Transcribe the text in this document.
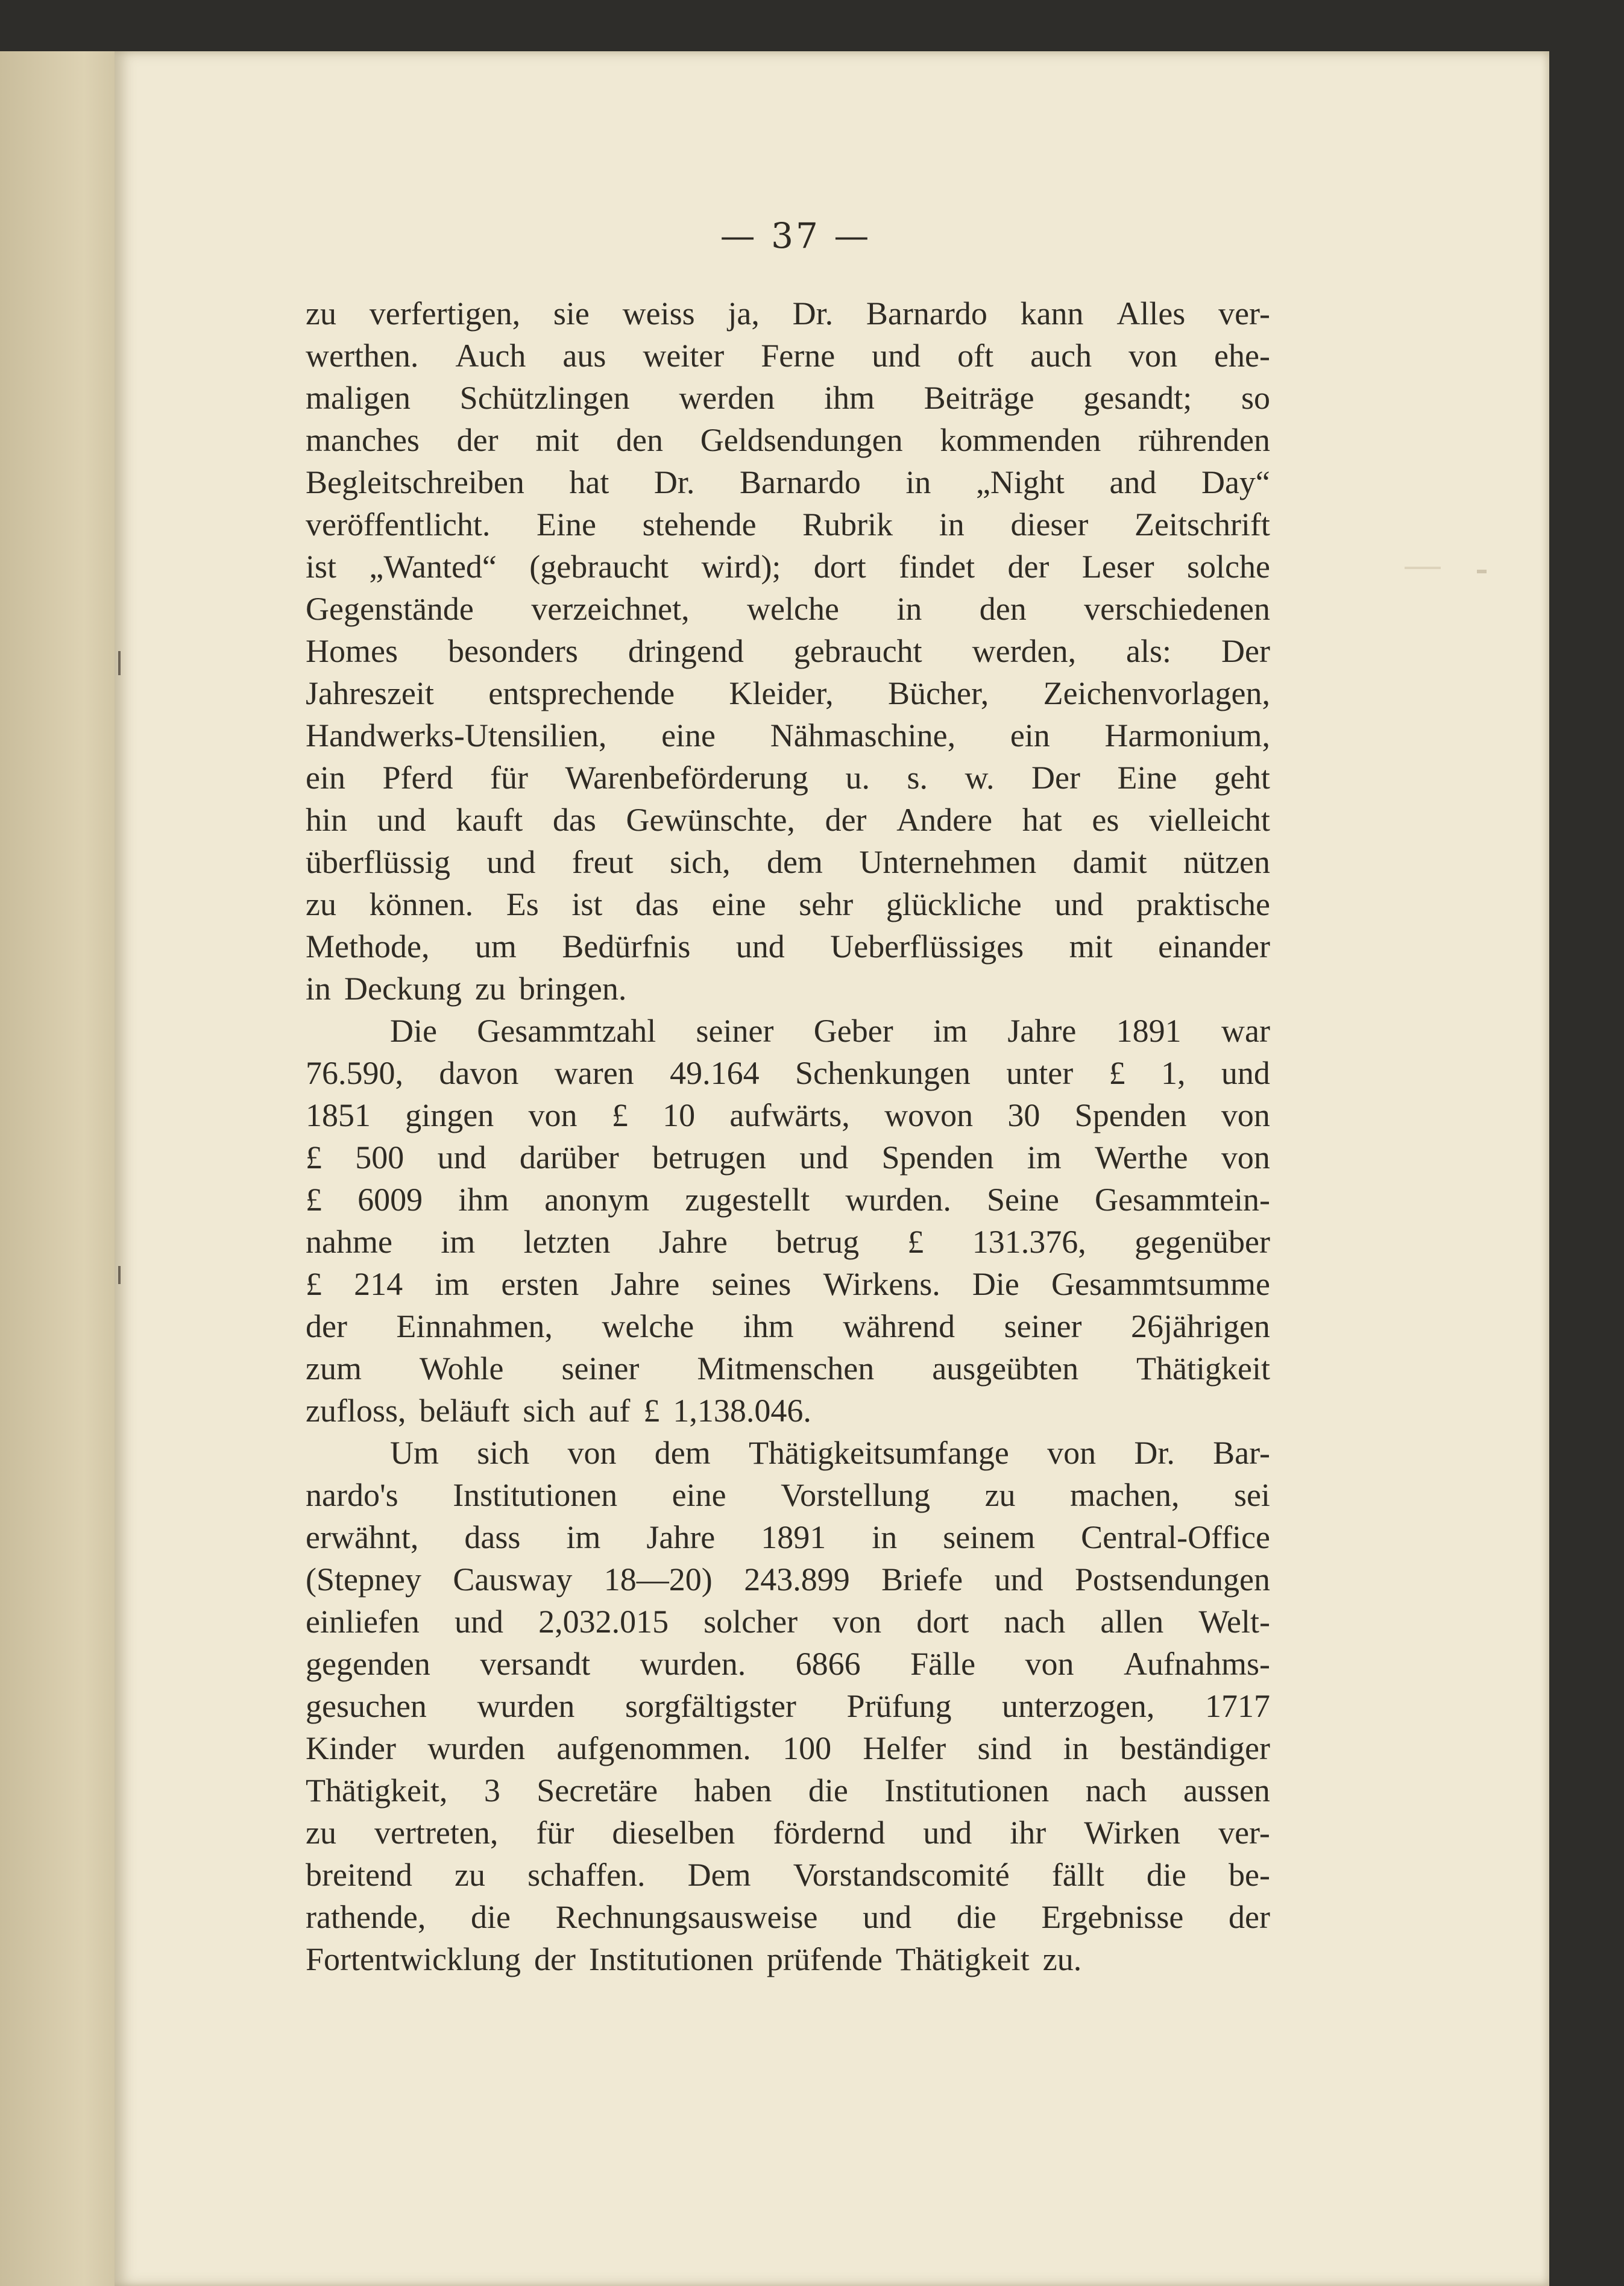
— 37 —
zu verfertigen, sie weiss ja, Dr. Barnardo kann Alles ver-
werthen. Auch aus weiter Ferne und oft auch von ehe-
maligen Schützlingen werden ihm Beiträge gesandt; so
manches der mit den Geldsendungen kommenden rührenden
Begleitschreiben hat Dr. Barnardo in „Night and Day“
veröffentlicht. Eine stehende Rubrik in dieser Zeitschrift
ist „Wanted“ (gebraucht wird); dort findet der Leser solche
Gegenstände verzeichnet, welche in den verschiedenen
Homes besonders dringend gebraucht werden, als: Der
Jahreszeit entsprechende Kleider, Bücher, Zeichenvorlagen,
Handwerks-Utensilien, eine Nähmaschine, ein Harmonium,
ein Pferd für Warenbeförderung u. s. w. Der Eine geht
hin und kauft das Gewünschte, der Andere hat es vielleicht
überflüssig und freut sich, dem Unternehmen damit nützen
zu können. Es ist das eine sehr glückliche und praktische
Methode, um Bedürfnis und Ueberflüssiges mit einander
in Deckung zu bringen.
Die Gesammtzahl seiner Geber im Jahre 1891 war
76.590, davon waren 49.164 Schenkungen unter £ 1, und
1851 gingen von £ 10 aufwärts, wovon 30 Spenden von
£ 500 und darüber betrugen und Spenden im Werthe von
£ 6009 ihm anonym zugestellt wurden. Seine Gesammtein-
nahme im letzten Jahre betrug £ 131.376, gegenüber
£ 214 im ersten Jahre seines Wirkens. Die Gesammtsumme
der Einnahmen, welche ihm während seiner 26jährigen
zum Wohle seiner Mitmenschen ausgeübten Thätigkeit
zufloss, beläuft sich auf £ 1,138.046.
Um sich von dem Thätigkeitsumfange von Dr. Bar-
nardo's Institutionen eine Vorstellung zu machen, sei
erwähnt, dass im Jahre 1891 in seinem Central-Office
(Stepney Causway 18—20) 243.899 Briefe und Postsendungen
einliefen und 2,032.015 solcher von dort nach allen Welt-
gegenden versandt wurden. 6866 Fälle von Aufnahms-
gesuchen wurden sorgfältigster Prüfung unterzogen, 1717
Kinder wurden aufgenommen. 100 Helfer sind in beständiger
Thätigkeit, 3 Secretäre haben die Institutionen nach aussen
zu vertreten, für dieselben fördernd und ihr Wirken ver-
breitend zu schaffen. Dem Vorstandscomité fällt die be-
rathende, die Rechnungsausweise und die Ergebnisse der
Fortentwicklung der Institutionen prüfende Thätigkeit zu.
